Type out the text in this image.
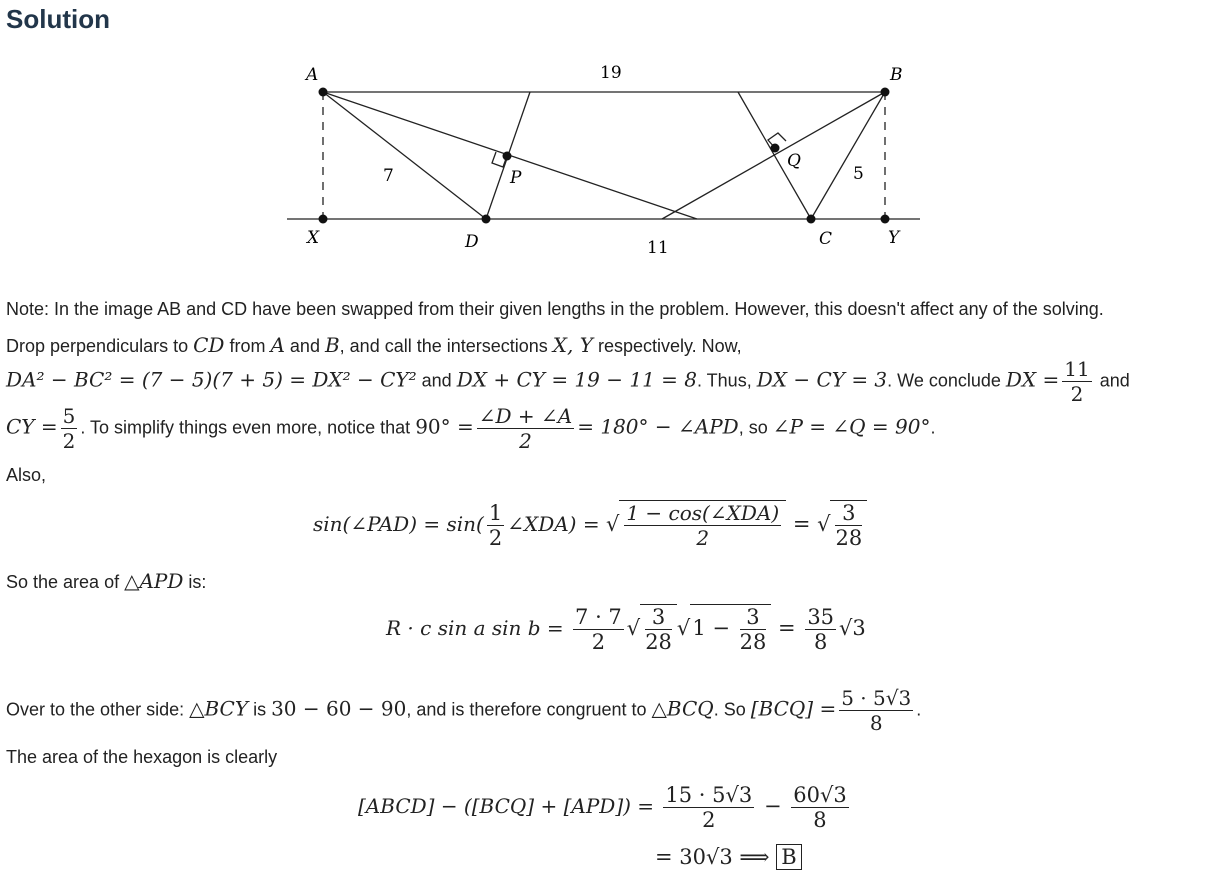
Solution
A	B
X	D	C	Y
P
Q
19
11
7	5
Note: In the image AB and CD have been swapped from their given lengths in the problem. However, this doesn't affect any of the solving.
Drop perpendiculars to CD from A and B, and call the intersections X, Y respectively. Now,
DA² − BC² = (7 − 5)(7 + 5) = DX² − CY² and DX + CY = 19 − 11 = 8. Thus, DX − CY = 3. We conclude DX = $\frac{11}{2}$ and
CY = $\frac{5}{2}$ . To simplify things even more, notice that $90^\circ = \frac{\angle D + \angle A}{2} = 180^\circ$ − ∠APD, so ∠P = ∠Q = 90°.
Also,
sin(∠PAD) = $\sin( \frac{1}{2}$ ∠XDA) = √ $\frac{\text{1 − cos(∠XDA)}}{2}$ = √ $\frac{3}{28}$
So the area of △APD is:
R · c sin a $\sin b = \frac{7 \cdot 7}{2}$ √ $\frac{3}{28} √1 - \frac{3}{28} = \frac{35}{8} √3$
Over to the other side: △BCY is 30 − 60 − 90, and is therefore congruent to △BCQ. So $[BCQ] = \frac{5 \cdot 5√3}{8}$ .
The area of the hexagon is clearly
[ABCD] − $([BCQ] + [APD]) = \frac{15 \cdot 5√3}{2} - \frac{60√3}{8}$
= 30√3 ⟹ B
